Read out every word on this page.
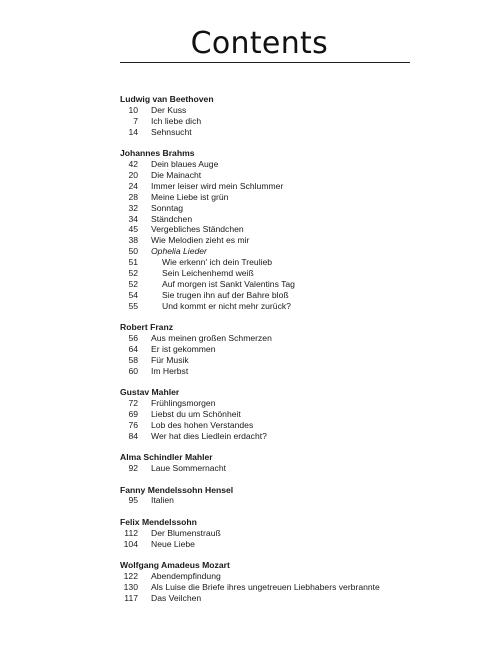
Contents
Ludwig van Beethoven
10 Der Kuss
7 Ich liebe dich
14 Sehnsucht
Johannes Brahms
42 Dein blaues Auge
20 Die Mainacht
24 Immer leiser wird mein Schlummer
28 Meine Liebe ist grün
32 Sonntag
34 Ständchen
45 Vergebliches Ständchen
38 Wie Melodien zieht es mir
50 Ophelia Lieder
51	Wie erkenn' ich dein Treulieb
52	Sein Leichenhemd weiß
52	Auf morgen ist Sankt Valentins Tag
54	Sie trugen ihn auf der Bahre bloß
55	Und kommt er nicht mehr zurück?
Robert Franz
56 Aus meinen großen Schmerzen
64 Er ist gekommen
58 Für Musik
60 Im Herbst
Gustav Mahler
72 Frühlingsmorgen
69 Liebst du um Schönheit
76 Lob des hohen Verstandes
84 Wer hat dies Liedlein erdacht?
Alma Schindler Mahler
92 Laue Sommernacht
Fanny Mendelssohn Hensel
95 Italien
Felix Mendelssohn
112 Der Blumenstrauß
104 Neue Liebe
Wolfgang Amadeus Mozart
122 Abendempfindung
130 Als Luise die Briefe ihres ungetreuen Liebhabers verbrannte
117 Das Veilchen
